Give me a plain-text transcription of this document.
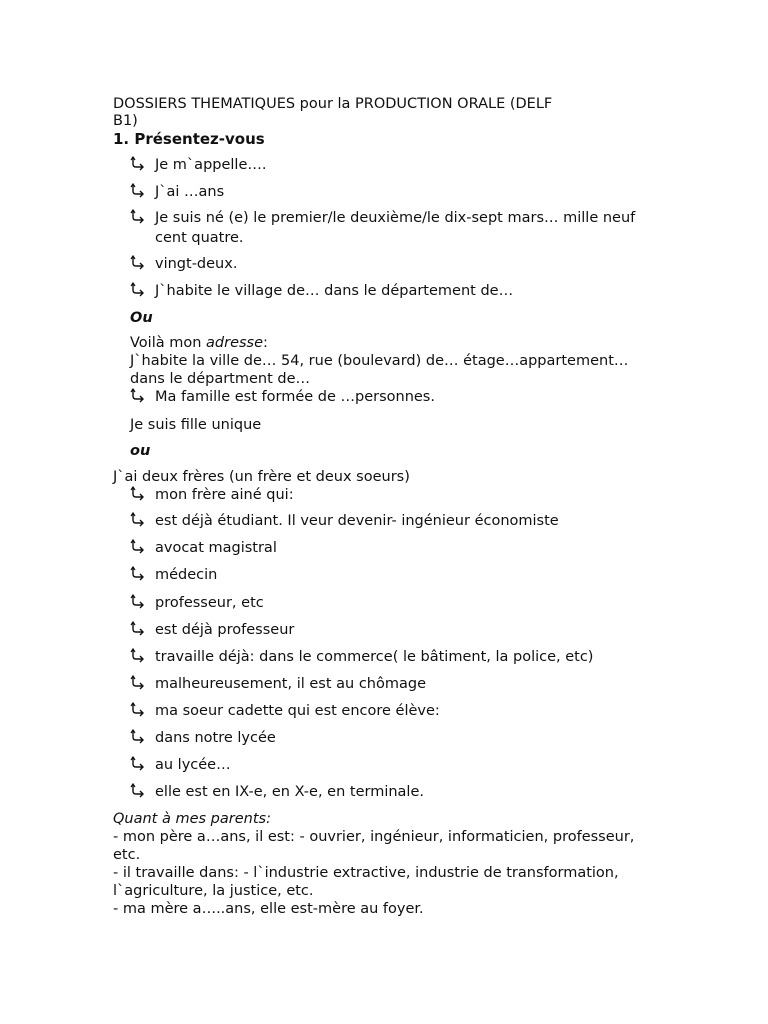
DOSSIERS THEMATIQUES pour la PRODUCTION ORALE (DELF

B1)

1. Présentez-vous

Je m`appelle….
J`ai …ans
Je suis né (e) le premier/le deuxième/le dix-sept mars… mille neuf
cent quatre.
vingt-deux.
J`habite le village de… dans le département de…
Ou
Voilà mon adresse:
J`habite la ville de… 54, rue (boulevard) de… étage…appartement…
dans le départment de…
Ma famille est formée de …personnes.
Je suis fille unique
ou
J`ai deux frères (un frère et deux soeurs)
mon frère ainé qui:
est déjà étudiant. Il veur devenir- ingénieur économiste
avocat magistral
médecin
professeur, etc
est déjà professeur
travaille déjà: dans le commerce( le bâtiment, la police, etc)
malheureusement, il est au chômage
ma soeur cadette qui est encore élève:
dans notre lycée
au lycée…
elle est en IX-e, en X-e, en terminale.
Quant à mes parents:
- mon père a…ans, il est: - ouvrier, ingénieur, informaticien, professeur,
etc.
- il travaille dans: - l`industrie extractive, industrie de transformation,
l`agriculture, la justice, etc.
- ma mère a…..ans, elle est-mère au foyer.
